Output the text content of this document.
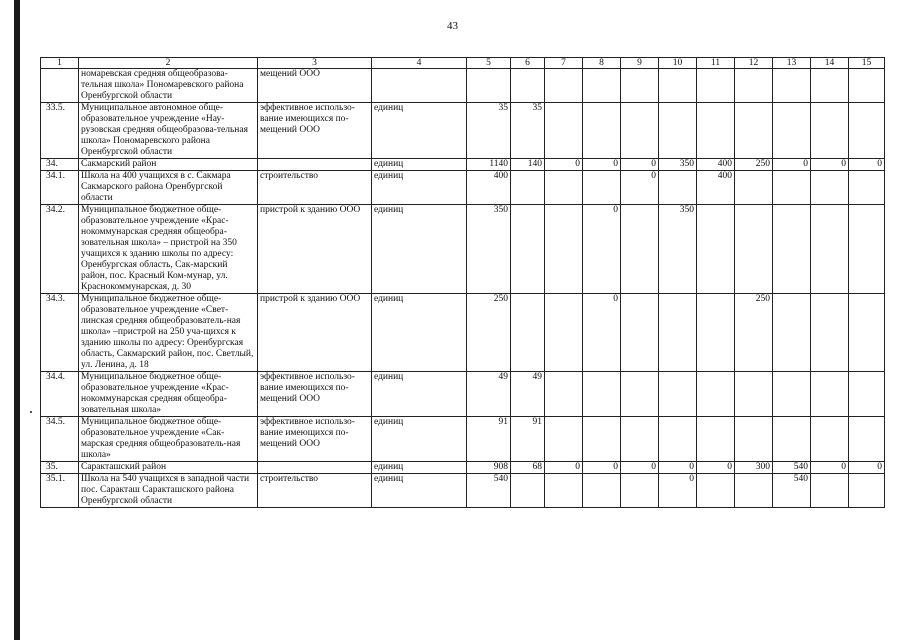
43
1	2	3	4	5	6	7	8	9	10	11	12	13	14	15
	номаревская средняя общеобразова-тельная школа» Пономаревского района Оренбургской области	мещений ООО												
33.5.	Муниципальное автономное обще-образовательное учреждение «Нау-рузовская средняя общеобразова-тельная школа» Пономаревского района Оренбургской области	эффективное использо-вание имеющихся по-мещений ООО	единиц	35	35									
34.	Сакмарский район		единиц	1140	140	0	0	0	350	400	250	0	0	0
34.1.	Школа на 400 учащихся в с. Сакмара Сакмарского района Оренбургской области	строительство	единиц	400				0		400				
34.2.	Муниципальное бюджетное обще-образовательное учреждение «Крас-нокоммунарская средняя общеобра-зовательная школа» – пристрой на 350 учащихся к зданию школы по адресу: Оренбургская область, Сак-марский район, пос. Красный Ком-мунар, ул. Краснокоммунарская, д. 30	пристрой к зданию ООО	единиц	350			0		350					
34.3.	Муниципальное бюджетное обще-образовательное учреждение «Свет-линская средняя общеобразователь-ная школа» –пристрой на 250 уча-щихся к зданию школы по адресу: Оренбургская область, Сакмарский район, пос. Светлый, ул. Ленина, д. 18	пристрой к зданию ООО	единиц	250			0				250			
34.4.	Муниципальное бюджетное обще-образовательное учреждение «Крас-нокоммунарская средняя общеобра-зовательная школа»	эффективное использо-вание имеющихся по-мещений ООО	единиц	49	49									
34.5.	Муниципальное бюджетное обще-образовательное учреждение «Сак-марская средняя общеобразователь-ная школа»	эффективное использо-вание имеющихся по-мещений ООО	единиц	91	91									
35.	Саракташский район		единиц	908	68	0	0	0	0	0	300	540	0	0
35.1.	Школа на 540 учащихся в западной части пос. Саракташ Саракташского района Оренбургской области	строительство	единиц	540					0			540		
